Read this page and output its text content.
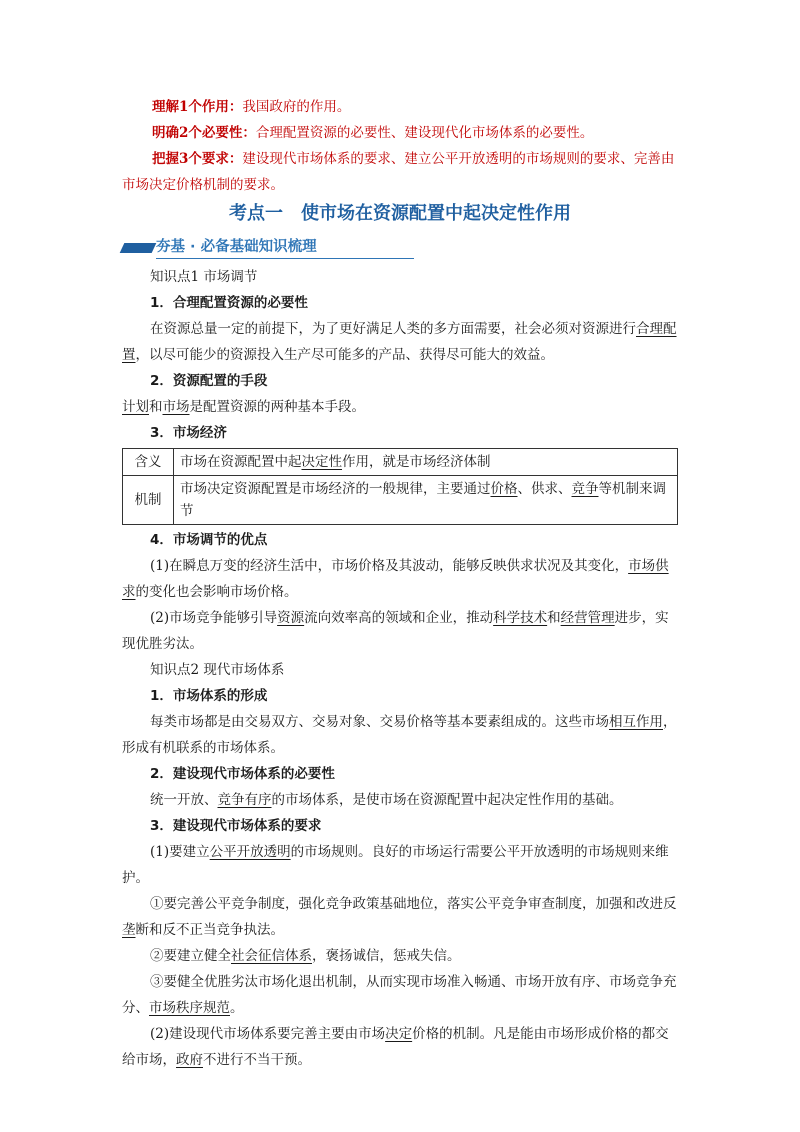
理解1个作用：我国政府的作用。
明确2个必要性：合理配置资源的必要性、建设现代化市场体系的必要性。
把握3个要求：建设现代市场体系的要求、建立公平开放透明的市场规则的要求、完善由市场决定价格机制的要求。
考点一 使市场在资源配置中起决定性作用
夯基 · 必备基础知识梳理

知识点1 市场调节

1．合理配置资源的必要性

在资源总量一定的前提下，为了更好满足人类的多方面需要，社会必须对资源进行合理配置，以尽可能少的资源投入生产尽可能多的产品、获得尽可能大的效益。

2．资源配置的手段

计划和市场是配置资源的两种基本手段。

3．市场经济

含义	市场在资源配置中起决定性作用，就是市场经济体制
机制	市场决定资源配置是市场经济的一般规律，主要通过价格、供求、竞争等机制来调节

4．市场调节的优点

(1)在瞬息万变的经济生活中，市场价格及其波动，能够反映供求状况及其变化，市场供求的变化也会影响市场价格。

(2)市场竞争能够引导资源流向效率高的领域和企业，推动科学技术和经营管理进步，实现优胜劣汰。

知识点2 现代市场体系

1．市场体系的形成

每类市场都是由交易双方、交易对象、交易价格等基本要素组成的。这些市场相互作用，形成有机联系的市场体系。

2．建设现代市场体系的必要性

统一开放、竞争有序的市场体系，是使市场在资源配置中起决定性作用的基础。

3．建设现代市场体系的要求

(1)要建立公平开放透明的市场规则。良好的市场运行需要公平开放透明的市场规则来维护。

①要完善公平竞争制度，强化竞争政策基础地位，落实公平竞争审查制度，加强和改进反垄断和反不正当竞争执法。

②要建立健全社会征信体系，褒扬诚信，惩戒失信。

③要健全优胜劣汰市场化退出机制，从而实现市场准入畅通、市场开放有序、市场竞争充分、市场秩序规范。

(2)建设现代市场体系要完善主要由市场决定价格的机制。凡是能由市场形成价格的都交给市场，政府不进行不当干预。
